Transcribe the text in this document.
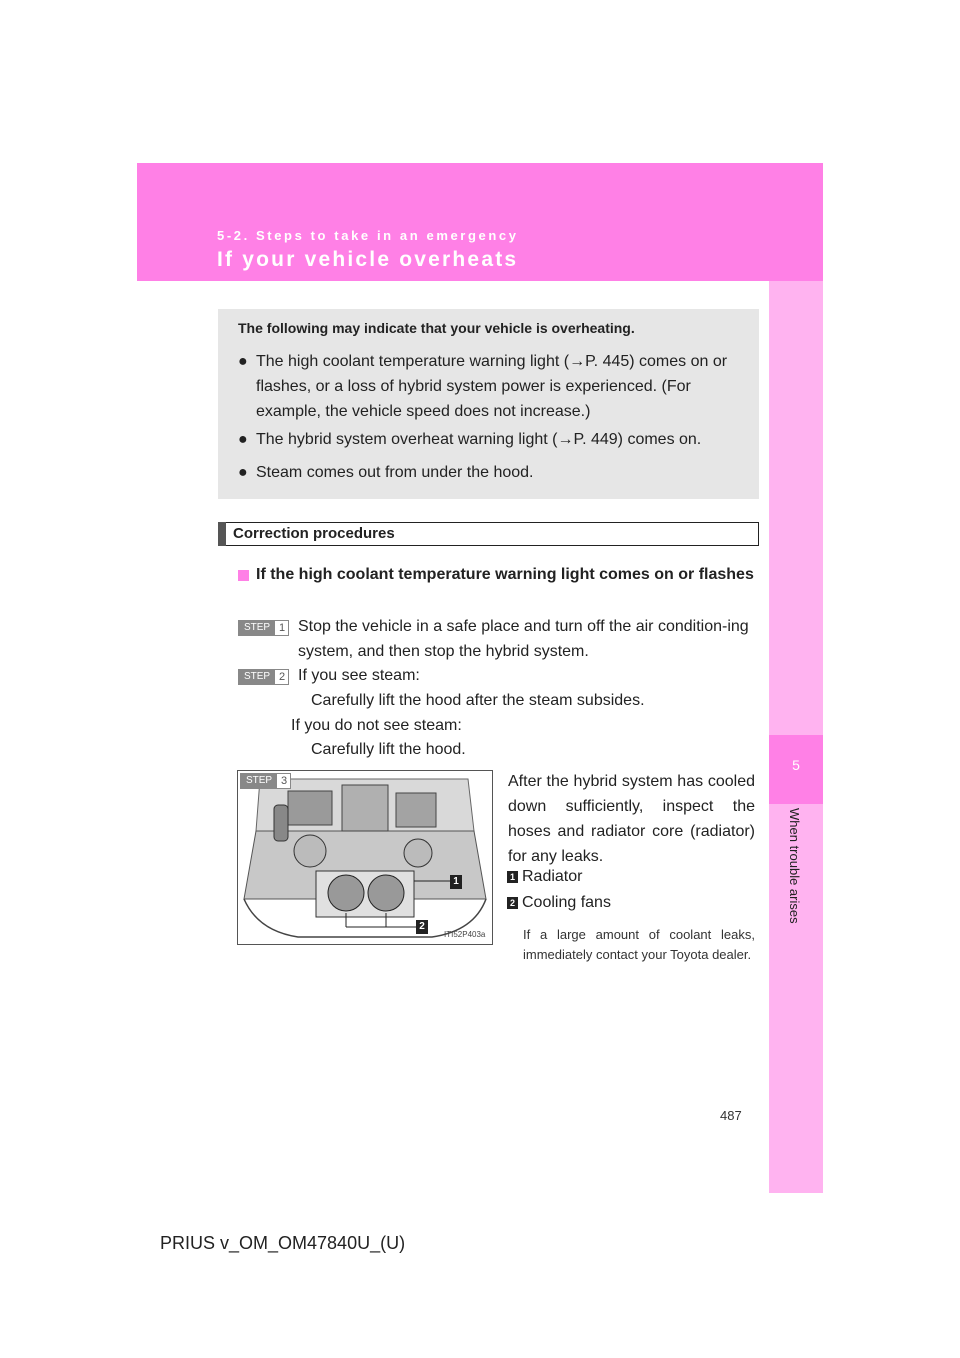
5-2. Steps to take in an emergency
If your vehicle overheats
5
When trouble arises
The following may indicate that your vehicle is overheating.
● The high coolant temperature warning light (→P. 445) comes on or flashes, or a loss of hybrid system power is experienced. (For example, the vehicle speed does not increase.)
● The hybrid system overheat warning light (→P. 449) comes on.
● Steam comes out from under the hood.
Correction procedures
If the high coolant temperature warning light comes on or flashes
STEP 1 Stop the vehicle in a safe place and turn off the air condition-ing system, and then stop the hybrid system.
STEP 2 If you see steam:
Carefully lift the hood after the steam subsides.
If you do not see steam:
Carefully lift the hood.
STEP 3
1
2
ITI52P403a
After the hybrid system has cooled down sufficiently, inspect the hoses and radiator core (radiator) for any leaks.
1 Radiator
2 Cooling fans
If a large amount of coolant leaks, immediately contact your Toyota dealer.
487
PRIUS v_OM_OM47840U_(U)
